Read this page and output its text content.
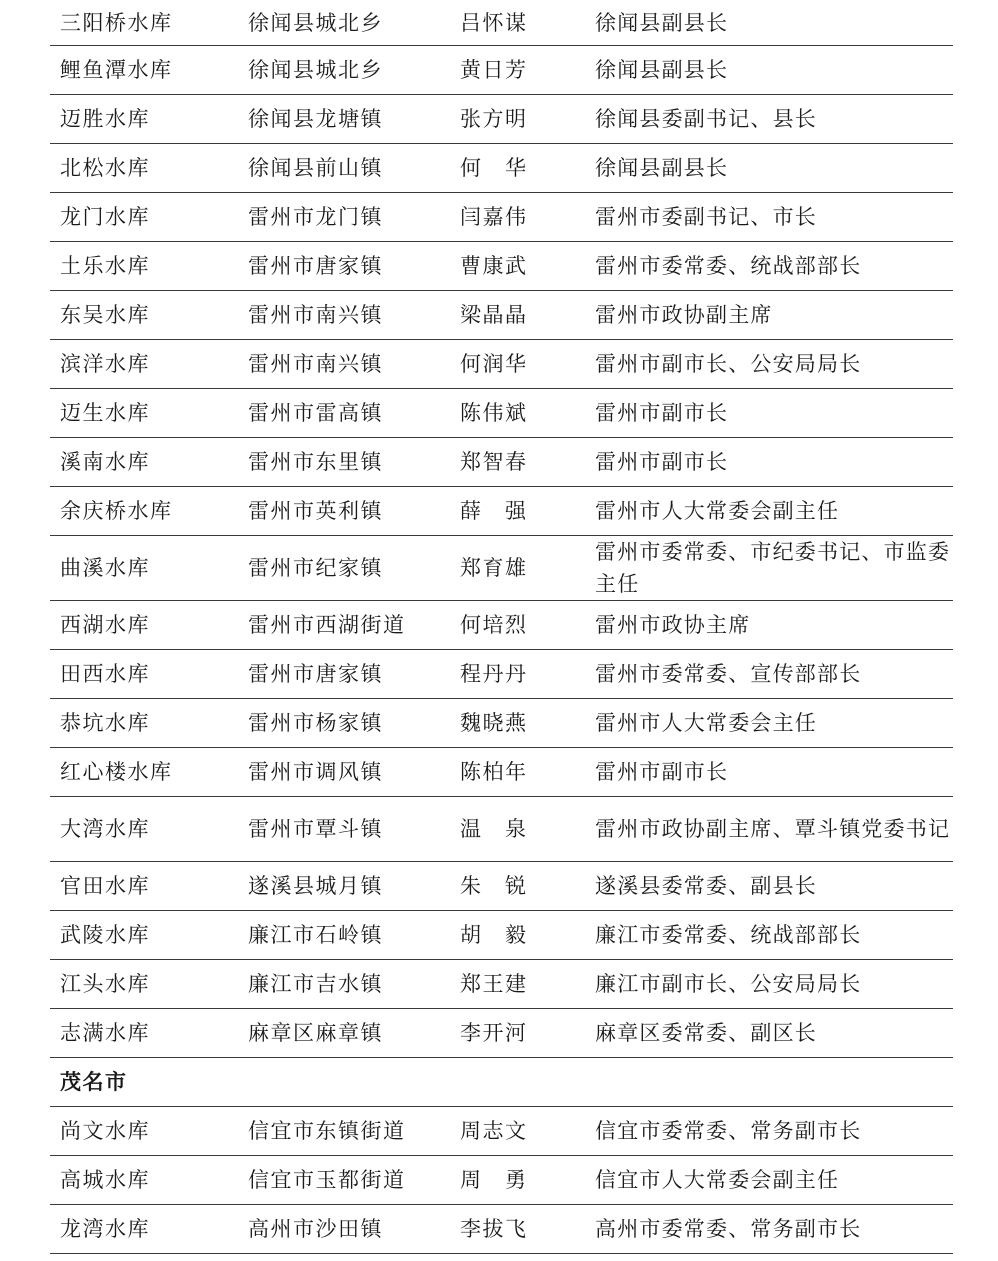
三阳桥水库	徐闻县城北乡	吕怀谋	徐闻县副县长
鲤鱼潭水库	徐闻县城北乡	黄日芳	徐闻县副县长
迈胜水库	徐闻县龙塘镇	张方明	徐闻县委副书记、县长
北松水库	徐闻县前山镇	何　华	徐闻县副县长
龙门水库	雷州市龙门镇	闫嘉伟	雷州市委副书记、市长
土乐水库	雷州市唐家镇	曹康武	雷州市委常委、统战部部长
东吴水库	雷州市南兴镇	梁晶晶	雷州市政协副主席
滨洋水库	雷州市南兴镇	何润华	雷州市副市长、公安局局长
迈生水库	雷州市雷高镇	陈伟斌	雷州市副市长
溪南水库	雷州市东里镇	郑智春	雷州市副市长
余庆桥水库	雷州市英利镇	薛　强	雷州市人大常委会副主任
曲溪水库	雷州市纪家镇	郑育雄	雷州市委常委、市纪委书记、市监委主任
西湖水库	雷州市西湖街道	何培烈	雷州市政协主席
田西水库	雷州市唐家镇	程丹丹	雷州市委常委、宣传部部长
恭坑水库	雷州市杨家镇	魏晓燕	雷州市人大常委会主任
红心楼水库	雷州市调风镇	陈柏年	雷州市副市长
大湾水库	雷州市覃斗镇	温　泉	雷州市政协副主席、覃斗镇党委书记
官田水库	遂溪县城月镇	朱　锐	遂溪县委常委、副县长
武陵水库	廉江市石岭镇	胡　毅	廉江市委常委、统战部部长
江头水库	廉江市吉水镇	郑王建	廉江市副市长、公安局局长
志满水库	麻章区麻章镇	李开河	麻章区委常委、副区长
茂名市			
尚文水库	信宜市东镇街道	周志文	信宜市委常委、常务副市长
高城水库	信宜市玉都街道	周　勇	信宜市人大常委会副主任
龙湾水库	高州市沙田镇	李拔飞	高州市委常委、常务副市长
